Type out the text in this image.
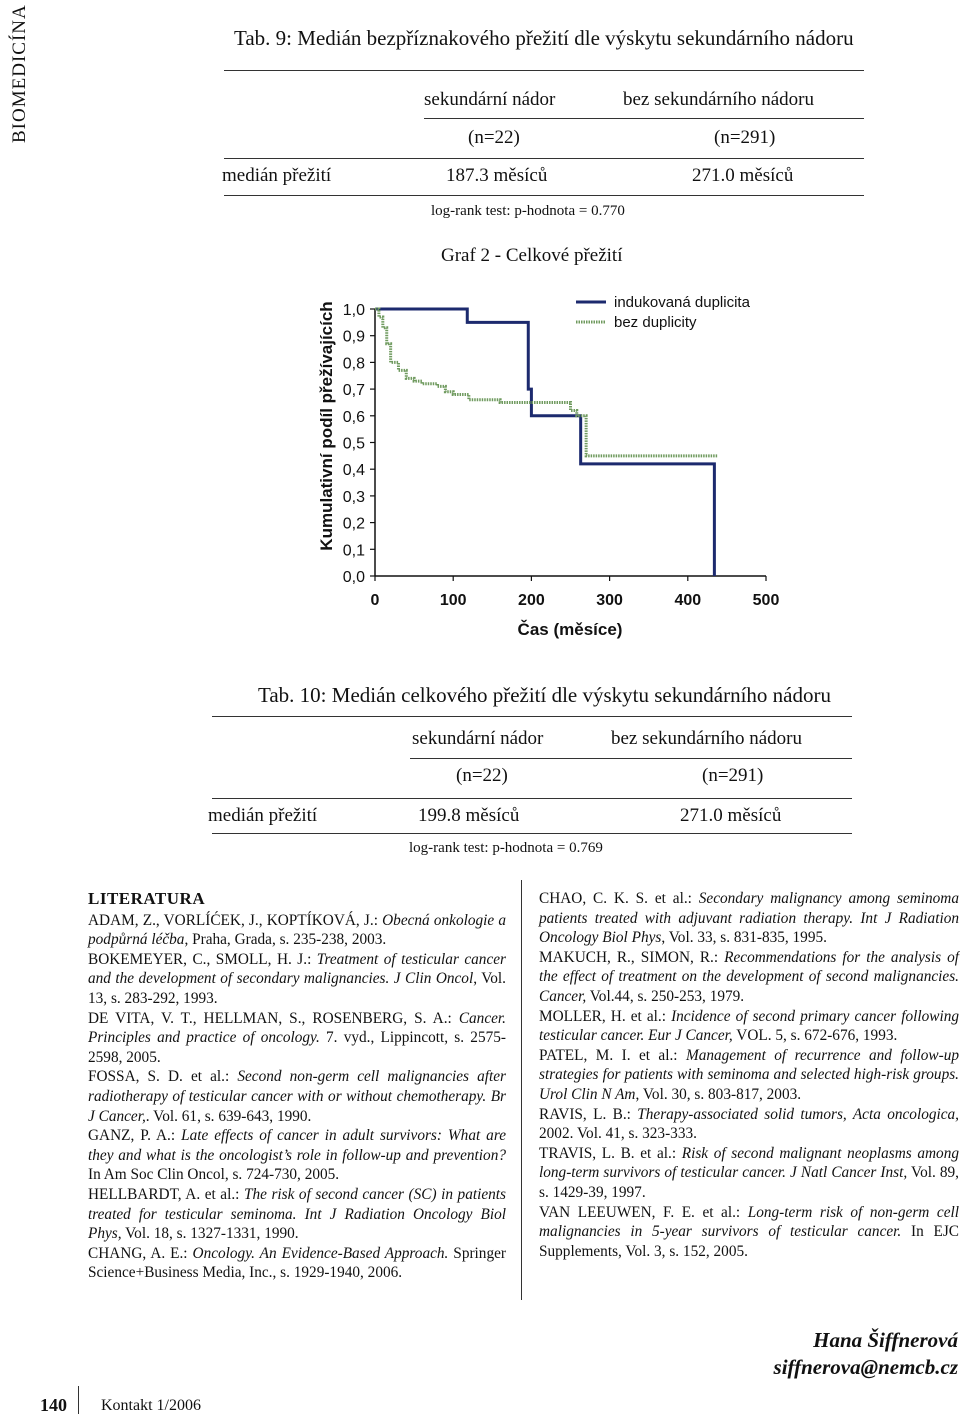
BIOMEDICÍNA	Tab. 9: Medián bezpříznakového přežití dle výskytu sekundárního nádoru
sekundární nádor	bez sekundárního nádoru
(n=22)	(n=291)
medián přežití	187.3 měsíců	271.0 měsíců
log-rank test: p-hodnota = 0.770
Graf 2 - Celkové přežití
Kumulativní podíl přežívajících
0,0
0,1
0,2
0,3
0,4
0,5
0,6
0,7
0,8
0,9
1,0
0	100	200	300	400	500
indukovaná duplicita
bez duplicity
Čas (měsíce)
Tab. 10: Medián celkového přežití dle výskytu sekundárního nádoru
sekundární nádor	bez sekundárního nádoru
(n=22)	(n=291)
medián přežití	199.8 měsíců	271.0 měsíců
log-rank test: p-hodnota = 0.769
LITERATURA

ADAM, Z., VORLÍĆEK, J., KOPTÍKOVÁ, J.: Obecná onkologie a podpůrná léčba, Praha, Grada, s. 235-238, 2003.

BOKEMEYER, C., SMOLL, H. J.: Treatment of testicular cancer and the development of secondary malignancies. J Clin Oncol, Vol. 13, s. 283-292, 1993.

DE VITA, V. T., HELLMAN, S., ROSENBERG, S. A.: Cancer. Principles and practice of oncology. 7. vyd., Lippincott, s. 2575-2598, 2005.

FOSSA, S. D. et al.: Second non-germ cell malignancies after radiotherapy of testicular cancer with or without chemotherapy. Br J Cancer,. Vol. 61, s. 639-643, 1990.

GANZ, P. A.: Late effects of cancer in adult survivors: What are they and what is the oncologist’s role in follow-up and prevention? In Am Soc Clin Oncol, s. 724-730, 2005.

HELLBARDT, A. et al.: The risk of second cancer (SC) in patients treated for testicular seminoma. Int J Radiation Oncology Biol Phys, Vol. 18, s. 1327-1331, 1990.

CHANG, A. E.: Oncology. An Evidence-Based Approach. Springer Science+Business Media, Inc., s. 1929-1940, 2006.

CHAO, C. K. S. et al.: Secondary malignancy among seminoma patients treated with adjuvant radiation therapy. Int J Radiation Oncology Biol Phys, Vol. 33, s. 831-835, 1995.

MAKUCH, R., SIMON, R.: Recommendations for the analysis of the effect of treatment on the development of second malignancies. Cancer, Vol.44, s. 250-253, 1979.

MOLLER, H. et al.: Incidence of second primary cancer following testicular cancer. Eur J Cancer, VOL. 5, s. 672-676, 1993.

PATEL, M. I. et al.: Management of recurrence and follow-up strategies for patients with seminoma and selected high-risk groups. Urol Clin N Am, Vol. 30, s. 803-817, 2003.

RAVIS, L. B.: Therapy-associated solid tumors, Acta oncologica, 2002. Vol. 41, s. 323-333.

TRAVIS, L. B. et al.: Risk of second malignant neoplasms among long-term survivors of testicular cancer. J Natl Cancer Inst, Vol. 89, s. 1429-39, 1997.

VAN LEEUWEN, F. E. et al.: Long-term risk of non-germ cell malignancies in 5-year survivors of testicular cancer. In EJC Supplements, Vol. 3, s. 152, 2005.

Hana Šiffnerová
siffnerova@nemcb.cz
140 Kontakt 1/2006
